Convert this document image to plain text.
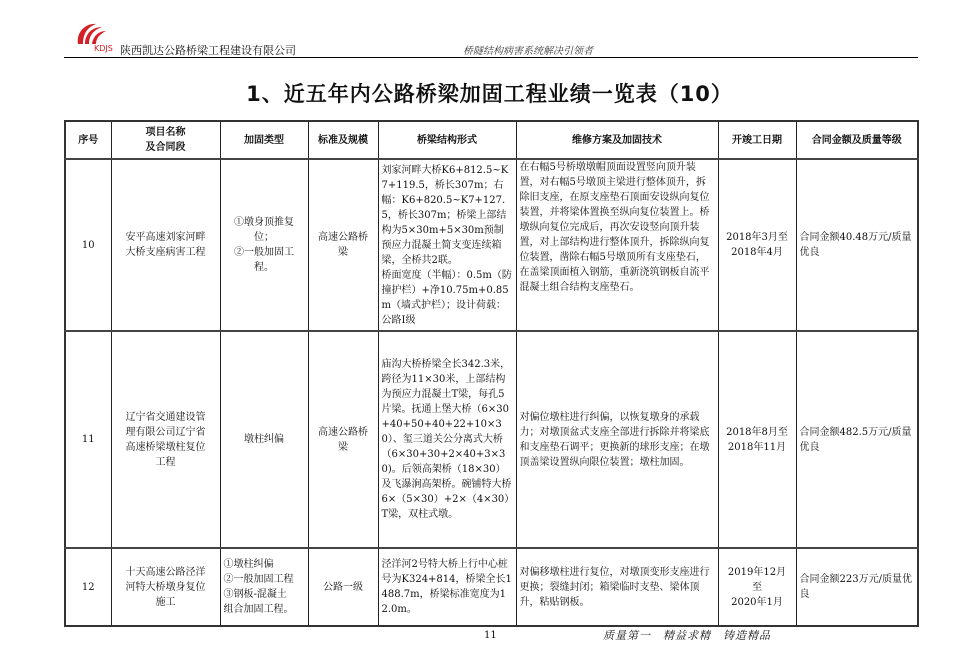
KDJS 陕西凯达公路桥梁工程建设有限公司	桥隧结构病害系统解决引领者
1、近五年内公路桥梁加固工程业绩一览表（10）
序号	项目名称
及合同段	加固类型	标准及规模	桥梁结构形式	维修方案及加固技术	开竣工日期	合同金额及质量等级
10	安平高速刘家河畔
大桥支座病害工程	①墩身顶推复
位；
②一般加固工
程。	高速公路桥
梁	刘家河畔大桥K6+812.5~K7+119.5，桥长307m；右幅：K6+820.5~K7+127.5，桥长307m；桥梁上部结构为5×30m+5×30m预制预应力混凝土简支变连续箱梁，全桥共2联。
桥面宽度（半幅）：0.5m（防撞护栏）+净10.75m+0.85m（墙式护栏）；设计荷载：公路Ⅰ级	在右幅5号桥墩墩帽顶面设置竖向顶升装置，对右幅5号墩顶主梁进行整体顶升，拆除旧支座，在原支座垫石顶面安设纵向复位装置，并将梁体置换至纵向复位装置上。桥墩纵向复位完成后，再次安设竖向顶升装置，对上部结构进行整体顶升，拆除纵向复位装置，凿除右幅5号墩顶所有支座垫石，在盖梁顶面植入钢筋，重新浇筑钢板自流平混凝土组合结构支座垫石。	2018年3月至
2018年4月	合同金额40.48万元/质量优良
11	辽宁省交通建设管
理有限公司辽宁省
高速桥梁墩柱复位
工程	墩柱纠偏	高速公路桥
梁	庙沟大桥桥梁全长342.3米，跨径为11×30米，上部结构为预应力混凝土T梁，每孔5片梁。抚通上堡大桥（6×30+40+50+40+22+10×30）、玺三道关公分离式大桥（6×30+30+2×40+3×30)。后领高架桥（18×30）及飞瀑涧高架桥。碗铺特大桥6×（5×30）+2×（4×30）T梁，双柱式墩。	对偏位墩柱进行纠偏，以恢复墩身的承载力；对墩顶盆式支座全部进行拆除并将梁底和支座垫石调平；更换新的球形支座；在墩顶盖梁设置纵向限位装置；墩柱加固。	2018年8月至
2018年11月	合同金额482.5万元/质量优良
12	十天高速公路泾洋
河特大桥墩身复位
施工	①墩柱纠偏
②一般加固工程
③钢板-混凝土
组合加固工程。	公路一级	泾洋河2号特大桥上行中心桩号为K324+814，桥梁全长1488.7m，桥梁标准宽度为12.0m。	对偏移墩柱进行复位，对墩顶变形支座进行更换；裂缝封闭；箱梁临时支垫、梁体顶升，粘贴钢板。	2019年12月
至
2020年1月	合同金额223万元/质量优良
11	质量第一　精益求精　铸造精品
